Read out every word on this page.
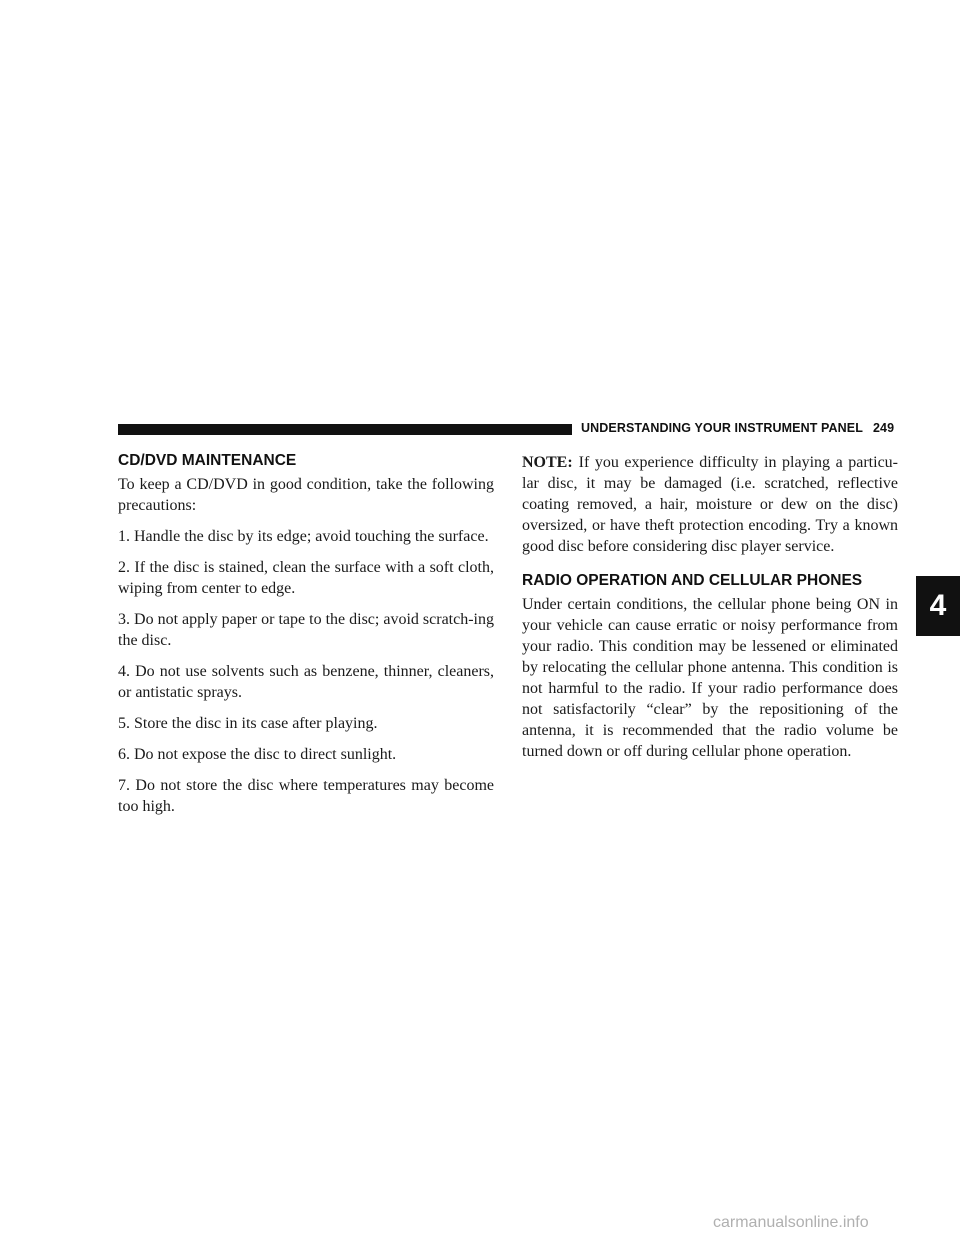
UNDERSTANDING YOUR INSTRUMENT PANEL 249
CD/DVD MAINTENANCE

To keep a CD/DVD in good condition, take the following precautions:

1. Handle the disc by its edge; avoid touching the surface.

2. If the disc is stained, clean the surface with a soft cloth, wiping from center to edge.

3. Do not apply paper or tape to the disc; avoid scratch-ing the disc.

4. Do not use solvents such as benzene, thinner, cleaners, or antistatic sprays.

5. Store the disc in its case after playing.

6. Do not expose the disc to direct sunlight.

7. Do not store the disc where temperatures may become too high.

NOTE: If you experience difficulty in playing a particu-lar disc, it may be damaged (i.e. scratched, reflective coating removed, a hair, moisture or dew on the disc) oversized, or have theft protection encoding. Try a known good disc before considering disc player service.

RADIO OPERATION AND CELLULAR PHONES

Under certain conditions, the cellular phone being ON in your vehicle can cause erratic or noisy performance from your radio. This condition may be lessened or eliminated by relocating the cellular phone antenna. This condition is not harmful to the radio. If your radio performance does not satisfactorily “clear” by the repositioning of the antenna, it is recommended that the radio volume be turned down or off during cellular phone operation.

4
carmanualsonline.info
